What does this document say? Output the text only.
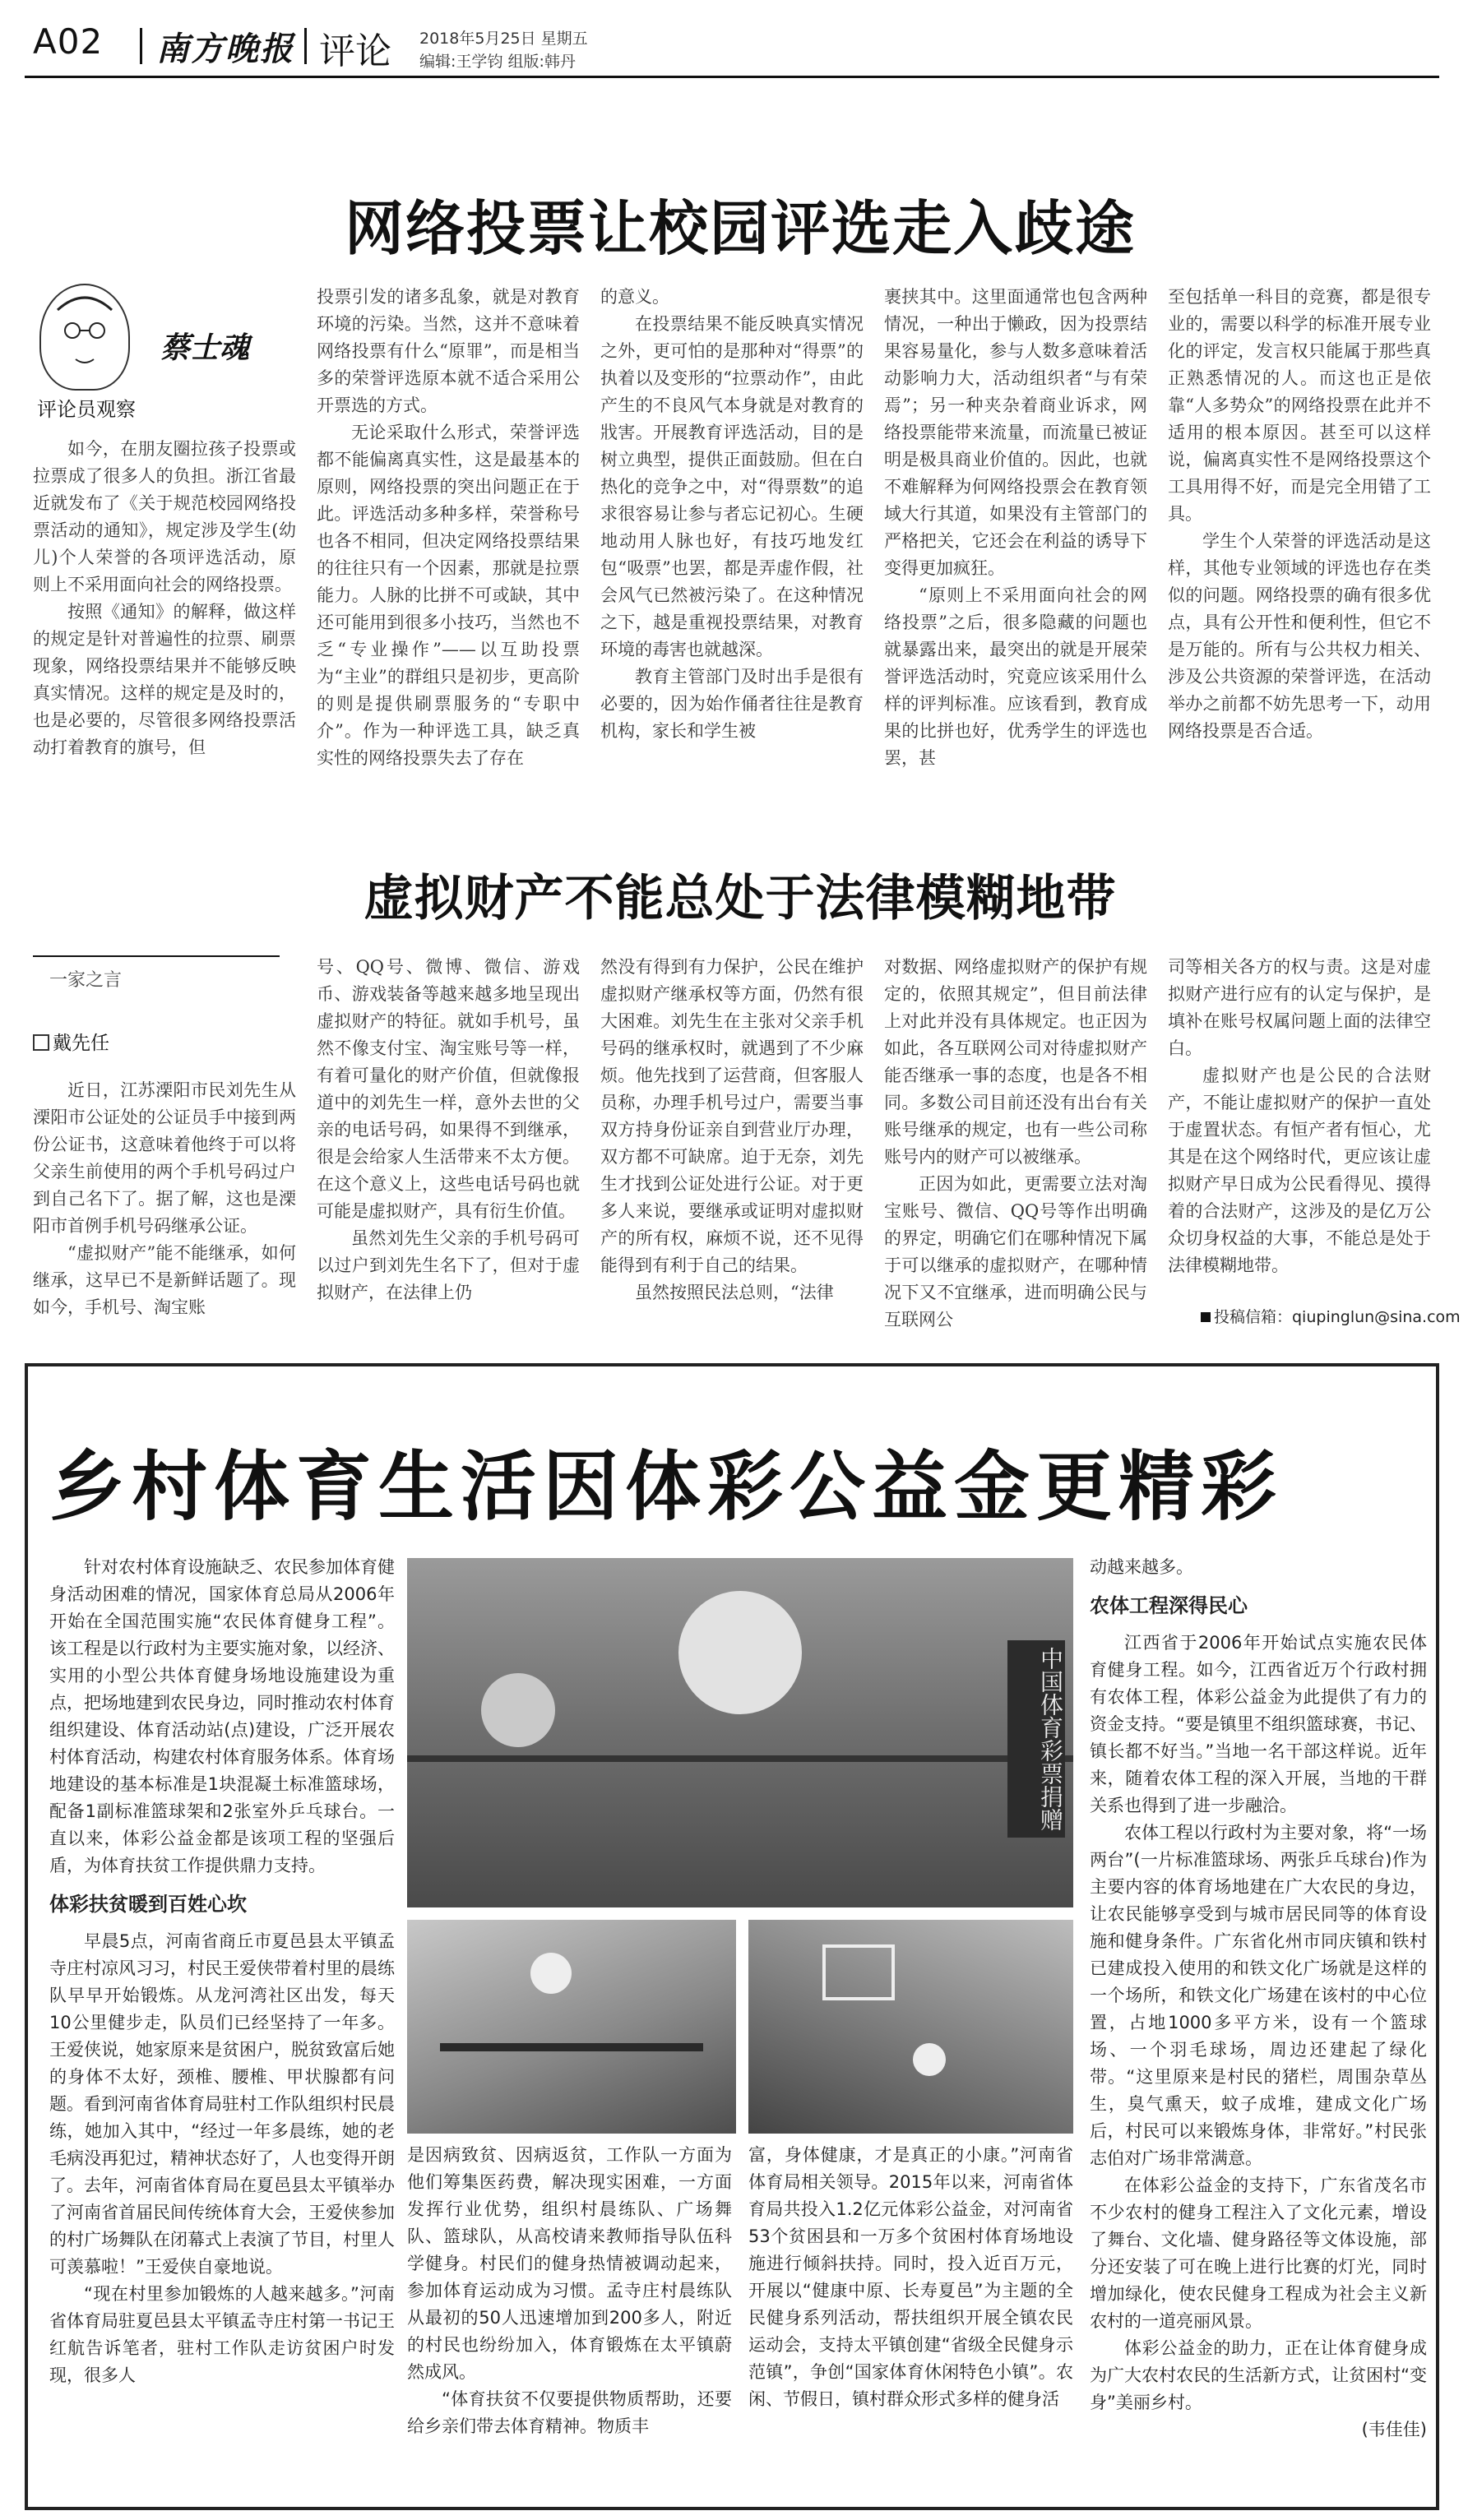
A02 南方晚报 评论 2018年5月25日 星期五
编辑:王学钧 组版:韩丹
网络投票让校园评选走入歧途
蔡士魂
评论员观察

如今，在朋友圈拉孩子投票或拉票成了很多人的负担。浙江省最近就发布了《关于规范校园网络投票活动的通知》，规定涉及学生(幼儿)个人荣誉的各项评选活动，原则上不采用面向社会的网络投票。

按照《通知》的解释，做这样的规定是针对普遍性的拉票、刷票现象，网络投票结果并不能够反映真实情况。这样的规定是及时的，也是必要的，尽管很多网络投票活动打着教育的旗号，但

投票引发的诸多乱象，就是对教育环境的污染。当然，这并不意味着网络投票有什么“原罪”，而是相当多的荣誉评选原本就不适合采用公开票选的方式。

无论采取什么形式，荣誉评选都不能偏离真实性，这是最基本的原则，网络投票的突出问题正在于此。评选活动多种多样，荣誉称号也各不相同，但决定网络投票结果的往往只有一个因素，那就是拉票能力。人脉的比拼不可或缺，其中还可能用到很多小技巧，当然也不乏“专业操作”——以互助投票为“主业”的群组只是初步，更高阶的则是提供刷票服务的“专职中介”。作为一种评选工具，缺乏真实性的网络投票失去了存在

的意义。

在投票结果不能反映真实情况之外，更可怕的是那种对“得票”的执着以及变形的“拉票动作”，由此产生的不良风气本身就是对教育的戕害。开展教育评选活动，目的是树立典型，提供正面鼓励。但在白热化的竞争之中，对“得票数”的追求很容易让参与者忘记初心。生硬地动用人脉也好，有技巧地发红包“吸票”也罢，都是弄虚作假，社会风气已然被污染了。在这种情况之下，越是重视投票结果，对教育环境的毒害也就越深。

教育主管部门及时出手是很有必要的，因为始作俑者往往是教育机构，家长和学生被

裹挟其中。这里面通常也包含两种情况，一种出于懒政，因为投票结果容易量化，参与人数多意味着活动影响力大，活动组织者“与有荣焉”；另一种夹杂着商业诉求，网络投票能带来流量，而流量已被证明是极具商业价值的。因此，也就不难解释为何网络投票会在教育领域大行其道，如果没有主管部门的严格把关，它还会在利益的诱导下变得更加疯狂。

“原则上不采用面向社会的网络投票”之后，很多隐藏的问题也就暴露出来，最突出的就是开展荣誉评选活动时，究竟应该采用什么样的评判标准。应该看到，教育成果的比拼也好，优秀学生的评选也罢，甚

至包括单一科目的竞赛，都是很专业的，需要以科学的标准开展专业化的评定，发言权只能属于那些真正熟悉情况的人。而这也正是依靠“人多势众”的网络投票在此并不适用的根本原因。甚至可以这样说，偏离真实性不是网络投票这个工具用得不好，而是完全用错了工具。

学生个人荣誉的评选活动是这样，其他专业领域的评选也存在类似的问题。网络投票的确有很多优点，具有公开性和便利性，但它不是万能的。所有与公共权力相关、涉及公共资源的荣誉评选，在活动举办之前都不妨先思考一下，动用网络投票是否合适。

虚拟财产不能总处于法律模糊地带
一家之言
戴先任

近日，江苏溧阳市民刘先生从溧阳市公证处的公证员手中接到两份公证书，这意味着他终于可以将父亲生前使用的两个手机号码过户到自己名下了。据了解，这也是溧阳市首例手机号码继承公证。

“虚拟财产”能不能继承，如何继承，这早已不是新鲜话题了。现如今，手机号、淘宝账

号、QQ号、微博、微信、游戏币、游戏装备等越来越多地呈现出虚拟财产的特征。就如手机号，虽然不像支付宝、淘宝账号等一样，有着可量化的财产价值，但就像报道中的刘先生一样，意外去世的父亲的电话号码，如果得不到继承，很是会给家人生活带来不太方便。在这个意义上，这些电话号码也就可能是虚拟财产，具有衍生价值。

虽然刘先生父亲的手机号码可以过户到刘先生名下了，但对于虚拟财产，在法律上仍

然没有得到有力保护，公民在维护虚拟财产继承权等方面，仍然有很大困难。刘先生在主张对父亲手机号码的继承权时，就遇到了不少麻烦。他先找到了运营商，但客服人员称，办理手机号过户，需要当事双方持身份证亲自到营业厅办理，双方都不可缺席。迫于无奈，刘先生才找到公证处进行公证。对于更多人来说，要继承或证明对虚拟财产的所有权，麻烦不说，还不见得能得到有利于自己的结果。

虽然按照民法总则，“法律

对数据、网络虚拟财产的保护有规定的，依照其规定”，但目前法律上对此并没有具体规定。也正因为如此，各互联网公司对待虚拟财产能否继承一事的态度，也是各不相同。多数公司目前还没有出台有关账号继承的规定，也有一些公司称账号内的财产可以被继承。

正因为如此，更需要立法对淘宝账号、微信、QQ号等作出明确的界定，明确它们在哪种情况下属于可以继承的虚拟财产，在哪种情况下又不宜继承，进而明确公民与互联网公

司等相关各方的权与责。这是对虚拟财产进行应有的认定与保护，是填补在账号权属问题上面的法律空白。

虚拟财产也是公民的合法财产，不能让虚拟财产的保护一直处于虚置状态。有恒产者有恒心，尤其是在这个网络时代，更应该让虚拟财产早日成为公民看得见、摸得着的合法财产，这涉及的是亿万公众切身权益的大事，不能总是处于法律模糊地带。

投稿信箱：qiupinglun@sina.com
乡村体育生活因体彩公益金更精彩

针对农村体育设施缺乏、农民参加体育健身活动困难的情况，国家体育总局从2006年开始在全国范围实施“农民体育健身工程”。该工程是以行政村为主要实施对象，以经济、实用的小型公共体育健身场地设施建设为重点，把场地建到农民身边，同时推动农村体育组织建设、体育活动站(点)建设，广泛开展农村体育活动，构建农村体育服务体系。体育场地建设的基本标准是1块混凝土标准篮球场，配备1副标准篮球架和2张室外乒乓球台。一直以来，体彩公益金都是该项工程的坚强后盾，为体育扶贫工作提供鼎力支持。

体彩扶贫暖到百姓心坎

早晨5点，河南省商丘市夏邑县太平镇孟寺庄村凉风习习，村民王爱侠带着村里的晨练队早早开始锻炼。从龙河湾社区出发，每天10公里健步走，队员们已经坚持了一年多。王爱侠说，她家原来是贫困户，脱贫致富后她的身体不太好，颈椎、腰椎、甲状腺都有问题。看到河南省体育局驻村工作队组织村民晨练，她加入其中，“经过一年多晨练，她的老毛病没再犯过，精神状态好了，人也变得开朗了。去年，河南省体育局在夏邑县太平镇举办了河南省首届民间传统体育大会，王爱侠参加的村广场舞队在闭幕式上表演了节目，村里人可羡慕啦！”王爱侠自豪地说。

“现在村里参加锻炼的人越来越多。”河南省体育局驻夏邑县太平镇孟寺庄村第一书记王红航告诉笔者，驻村工作队走访贫困户时发现，很多人

中国体育彩票捐赠

是因病致贫、因病返贫，工作队一方面为他们筹集医药费，解决现实困难，一方面发挥行业优势，组织村晨练队、广场舞队、篮球队，从高校请来教师指导队伍科学健身。村民们的健身热情被调动起来，参加体育运动成为习惯。孟寺庄村晨练队从最初的50人迅速增加到200多人，附近的村民也纷纷加入，体育锻炼在太平镇蔚然成风。

“体育扶贫不仅要提供物质帮助，还要给乡亲们带去体育精神。物质丰

富，身体健康，才是真正的小康。”河南省体育局相关领导。2015年以来，河南省体育局共投入1.2亿元体彩公益金，对河南省53个贫困县和一万多个贫困村体育场地设施进行倾斜扶持。同时，投入近百万元，开展以“健康中原、长寿夏邑”为主题的全民健身系列活动，帮扶组织开展全镇农民运动会，支持太平镇创建“省级全民健身示范镇”，争创“国家体育休闲特色小镇”。农闲、节假日，镇村群众形式多样的健身活

动越来越多。

农体工程深得民心

江西省于2006年开始试点实施农民体育健身工程。如今，江西省近万个行政村拥有农体工程，体彩公益金为此提供了有力的资金支持。“要是镇里不组织篮球赛，书记、镇长都不好当。”当地一名干部这样说。近年来，随着农体工程的深入开展，当地的干群关系也得到了进一步融洽。

农体工程以行政村为主要对象，将“一场两台”(一片标准篮球场、两张乒乓球台)作为主要内容的体育场地建在广大农民的身边，让农民能够享受到与城市居民同等的体育设施和健身条件。广东省化州市同庆镇和铁村已建成投入使用的和铁文化广场就是这样的一个场所，和铁文化广场建在该村的中心位置，占地1000多平方米，设有一个篮球场、一个羽毛球场，周边还建起了绿化带。“这里原来是村民的猪栏，周围杂草丛生，臭气熏天，蚊子成堆，建成文化广场后，村民可以来锻炼身体，非常好。”村民张志伯对广场非常满意。

在体彩公益金的支持下，广东省茂名市不少农村的健身工程注入了文化元素，增设了舞台、文化墙、健身路径等文体设施，部分还安装了可在晚上进行比赛的灯光，同时增加绿化，使农民健身工程成为社会主义新农村的一道亮丽风景。

体彩公益金的助力，正在让体育健身成为广大农村农民的生活新方式，让贫困村“变身”美丽乡村。

(韦佳佳)
